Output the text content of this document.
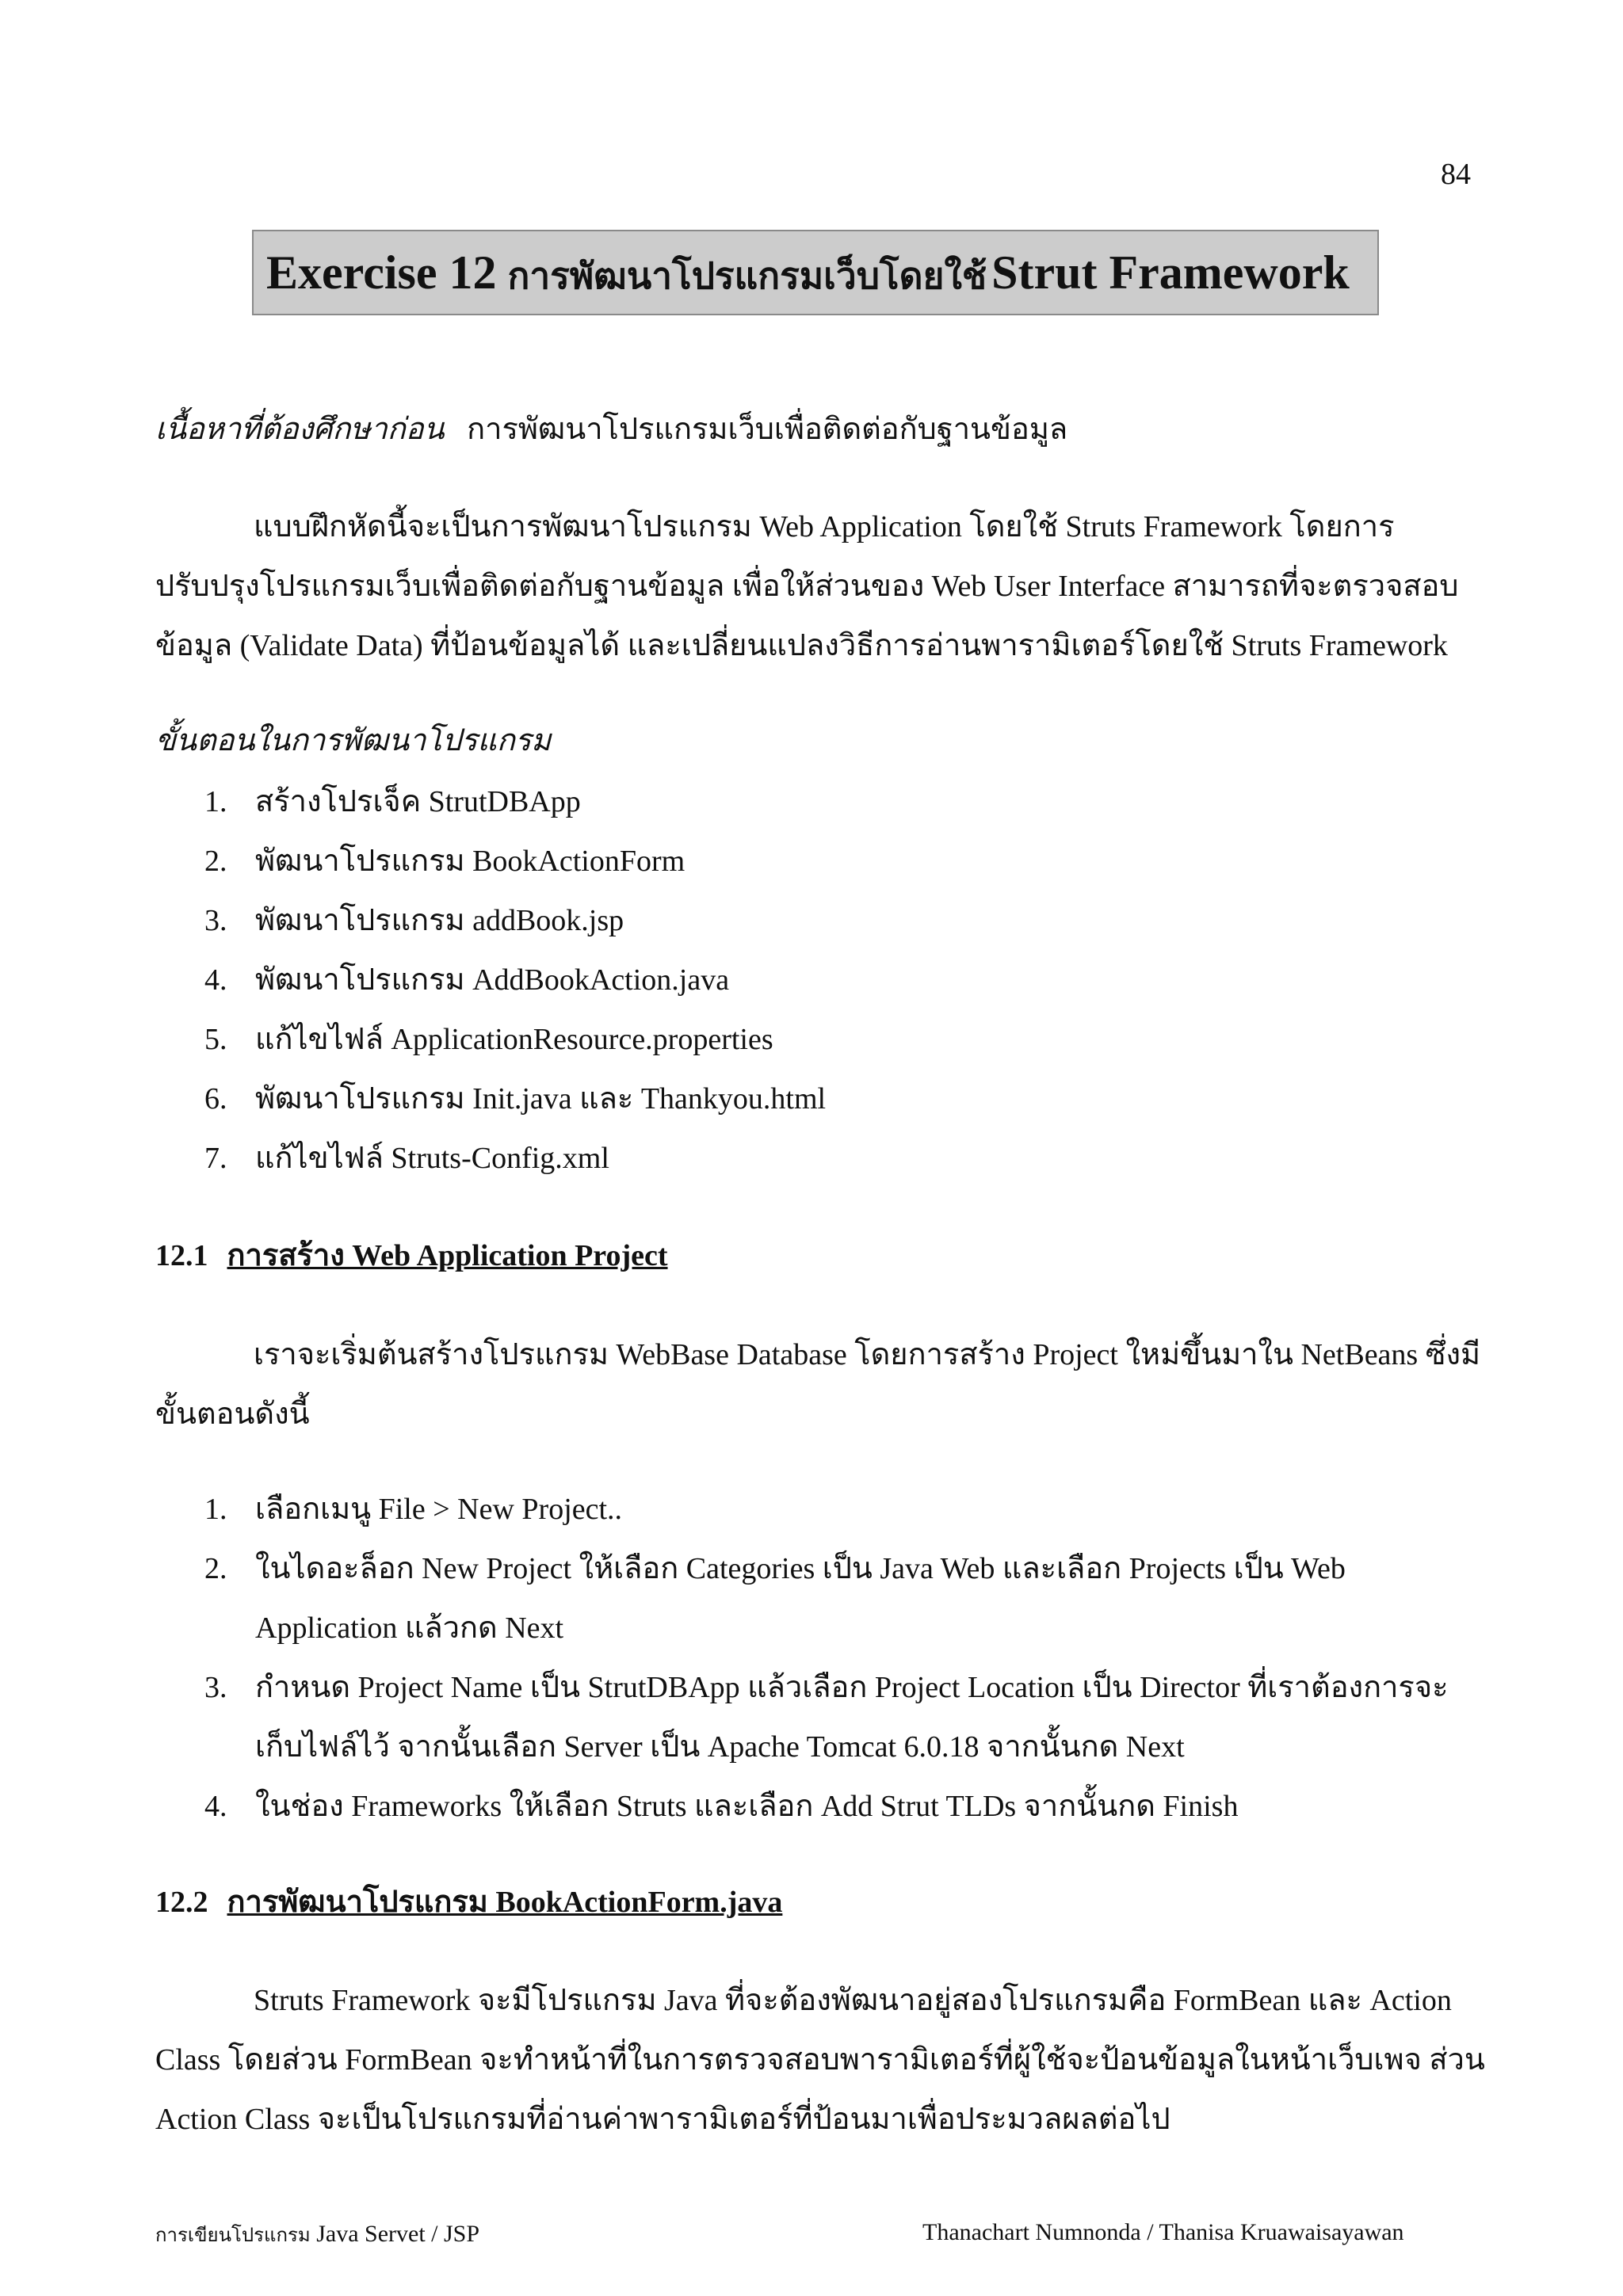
84
Exercise 12 การพัฒนาโปรแกรมเว็บโดยใช้ Strut Framework
เนื้อหาที่ต้องศึกษาก่อน การพัฒนาโปรแกรมเว็บเพื่อติดต่อกับฐานข้อมูล
แบบฝึกหัดนี้จะเป็นการพัฒนาโปรแกรม Web Application โดยใช้ Struts Framework โดยการ
ปรับปรุงโปรแกรมเว็บเพื่อติดต่อกับฐานข้อมูล เพื่อให้ส่วนของ Web User Interface สามารถที่จะตรวจสอบ
ข้อมูล (Validate Data) ที่ป้อนข้อมูลได้ และเปลี่ยนแปลงวิธีการอ่านพารามิเตอร์โดยใช้ Struts Framework
ขั้นตอนในการพัฒนาโปรแกรม
1. สร้างโปรเจ็ค StrutDBApp
2. พัฒนาโปรแกรม BookActionForm
3. พัฒนาโปรแกรม addBook.jsp
4. พัฒนาโปรแกรม AddBookAction.java
5. แก้ไขไฟล์ ApplicationResource.properties
6. พัฒนาโปรแกรม Init.java และ Thankyou.html
7. แก้ไขไฟล์ Struts-Config.xml
12.1 การสร้าง Web Application Project
เราจะเริ่มต้นสร้างโปรแกรม WebBase Database โดยการสร้าง Project ใหม่ขึ้นมาใน NetBeans ซึ่งมี
ขั้นตอนดังนี้
1. เลือกเมนู File > New Project..
2. ในไดอะล็อก New Project ให้เลือก Categories เป็น Java Web และเลือก Projects เป็น Web
Application แล้วกด Next
3. กำหนด Project Name เป็น StrutDBApp แล้วเลือก Project Location เป็น Director ที่เราต้องการจะ
เก็บไฟล์ไว้ จากนั้นเลือก Server เป็น Apache Tomcat 6.0.18 จากนั้นกด Next
4. ในช่อง Frameworks ให้เลือก Struts และเลือก Add Strut TLDs จากนั้นกด Finish
12.2 การพัฒนาโปรแกรม BookActionForm.java
Struts Framework จะมีโปรแกรม Java ที่จะต้องพัฒนาอยู่สองโปรแกรมคือ FormBean และ Action
Class โดยส่วน FormBean จะทำหน้าที่ในการตรวจสอบพารามิเตอร์ที่ผู้ใช้จะป้อนข้อมูลในหน้าเว็บเพจ ส่วน
Action Class จะเป็นโปรแกรมที่อ่านค่าพารามิเตอร์ที่ป้อนมาเพื่อประมวลผลต่อไป
การเขียนโปรแกรม Java Servet / JSP	Thanachart Numnonda / Thanisa Kruawaisayawan
